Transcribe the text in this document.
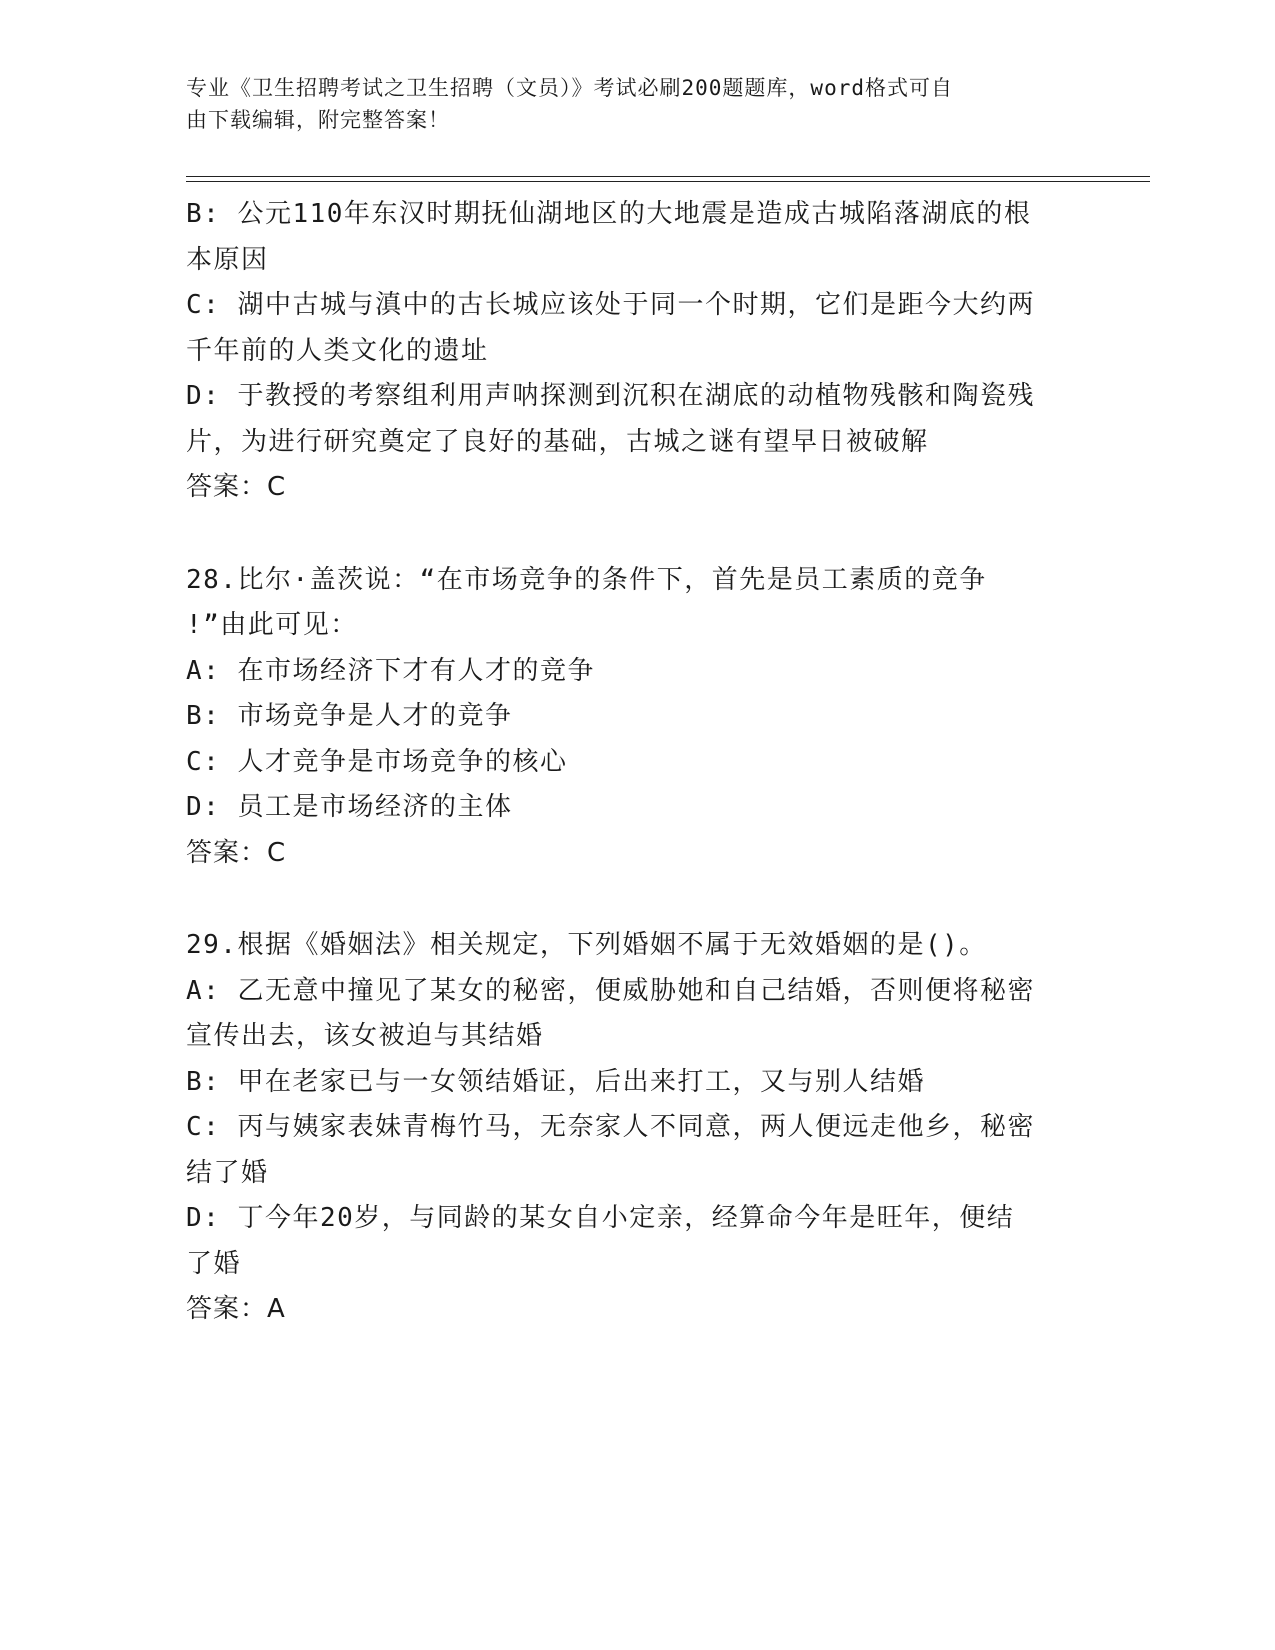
专业《卫生招聘考试之卫生招聘（文员）》考试必刷200题题库，word格式可自
由下载编辑，附完整答案！
B: 公元110年东汉时期抚仙湖地区的大地震是造成古城陷落湖底的根
本原因
C: 湖中古城与滇中的古长城应该处于同一个时期，它们是距今大约两
千年前的人类文化的遗址
D: 于教授的考察组利用声呐探测到沉积在湖底的动植物残骸和陶瓷残
片，为进行研究奠定了良好的基础，古城之谜有望早日被破解
答案：C
28.比尔·盖茨说：“在市场竞争的条件下，首先是员工素质的竞争
!”由此可见：
A: 在市场经济下才有人才的竞争
B: 市场竞争是人才的竞争
C: 人才竞争是市场竞争的核心
D: 员工是市场经济的主体
答案：C
29.根据《婚姻法》相关规定，下列婚姻不属于无效婚姻的是()。
A: 乙无意中撞见了某女的秘密，便威胁她和自己结婚，否则便将秘密
宣传出去，该女被迫与其结婚
B: 甲在老家已与一女领结婚证，后出来打工，又与别人结婚
C: 丙与姨家表妹青梅竹马，无奈家人不同意，两人便远走他乡，秘密
结了婚
D: 丁今年20岁，与同龄的某女自小定亲，经算命今年是旺年，便结
了婚
答案：A
